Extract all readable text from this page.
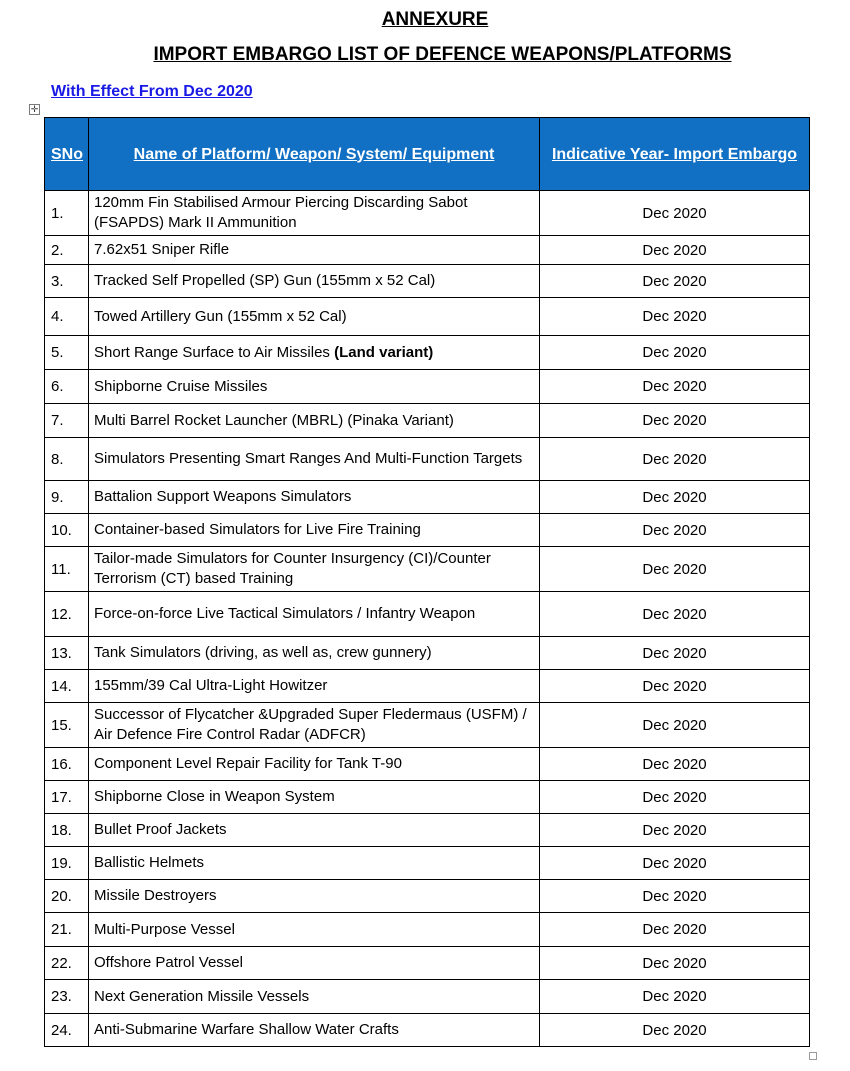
ANNEXURE
IMPORT EMBARGO LIST OF DEFENCE WEAPONS/PLATFORMS
With Effect From Dec 2020
✛
SNo	Name of Platform/ Weapon/ System/ Equipment	Indicative Year- Import Embargo
1.	120mm Fin Stabilised Armour Piercing Discarding Sabot (FSAPDS) Mark II Ammunition	Dec 2020
2.	7.62x51 Sniper Rifle	Dec 2020
3.	Tracked Self Propelled (SP) Gun (155mm x 52 Cal)	Dec 2020
4.	Towed Artillery Gun (155mm x 52 Cal)	Dec 2020
5.	Short Range Surface to Air Missiles (Land variant)	Dec 2020
6.	Shipborne Cruise Missiles	Dec 2020
7.	Multi Barrel Rocket Launcher (MBRL) (Pinaka Variant)	Dec 2020
8.	Simulators Presenting Smart Ranges And Multi-Function Targets	Dec 2020
9.	Battalion Support Weapons Simulators	Dec 2020
10.	Container-based Simulators for Live Fire Training	Dec 2020
11.	Tailor-made Simulators for Counter Insurgency (CI)/Counter Terrorism (CT) based Training	Dec 2020
12.	Force-on-force Live Tactical Simulators / Infantry Weapon	Dec 2020
13.	Tank Simulators (driving, as well as, crew gunnery)	Dec 2020
14.	155mm/39 Cal Ultra-Light Howitzer	Dec 2020
15.	Successor of Flycatcher &Upgraded Super Fledermaus (USFM) / Air Defence Fire Control Radar (ADFCR)	Dec 2020
16.	Component Level Repair Facility for Tank T-90	Dec 2020
17.	Shipborne Close in Weapon System	Dec 2020
18.	Bullet Proof Jackets	Dec 2020
19.	Ballistic Helmets	Dec 2020
20.	Missile Destroyers	Dec 2020
21.	Multi-Purpose Vessel	Dec 2020
22.	Offshore Patrol Vessel	Dec 2020
23.	Next Generation Missile Vessels	Dec 2020
24.	Anti-Submarine Warfare Shallow Water Crafts	Dec 2020
